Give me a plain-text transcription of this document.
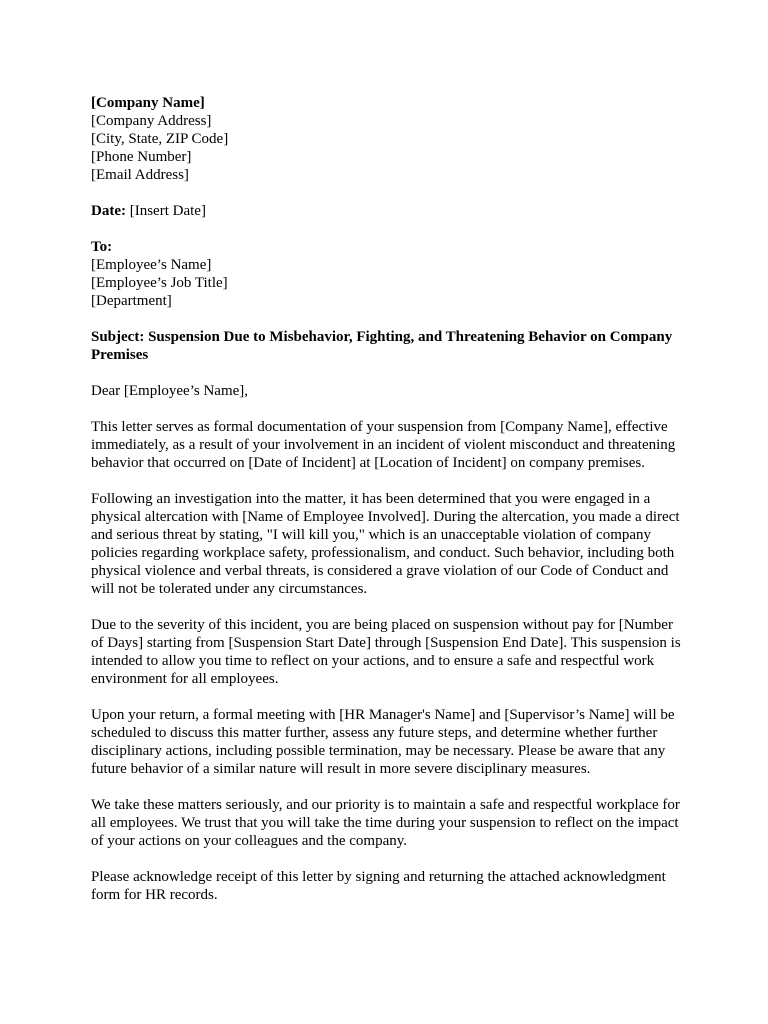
[Company Name]
[Company Address]
[City, State, ZIP Code]
[Phone Number]
[Email Address]
Date: [Insert Date]
To:
[Employee’s Name]
[Employee’s Job Title]
[Department]
Subject: Suspension Due to Misbehavior, Fighting, and Threatening Behavior on Company Premises

Dear [Employee’s Name],

This letter serves as formal documentation of your suspension from [Company Name], effective immediately, as a result of your involvement in an incident of violent misconduct and threatening behavior that occurred on [Date of Incident] at [Location of Incident] on company premises.

Following an investigation into the matter, it has been determined that you were engaged in a physical altercation with [Name of Employee Involved]. During the altercation, you made a direct and serious threat by stating, "I will kill you," which is an unacceptable violation of company policies regarding workplace safety, professionalism, and conduct. Such behavior, including both physical violence and verbal threats, is considered a grave violation of our Code of Conduct and will not be tolerated under any circumstances.

Due to the severity of this incident, you are being placed on suspension without pay for [Number of Days] starting from [Suspension Start Date] through [Suspension End Date]. This suspension is intended to allow you time to reflect on your actions, and to ensure a safe and respectful work environment for all employees.

Upon your return, a formal meeting with [HR Manager's Name] and [Supervisor’s Name] will be scheduled to discuss this matter further, assess any future steps, and determine whether further disciplinary actions, including possible termination, may be necessary. Please be aware that any future behavior of a similar nature will result in more severe disciplinary measures.

We take these matters seriously, and our priority is to maintain a safe and respectful workplace for all employees. We trust that you will take the time during your suspension to reflect on the impact of your actions on your colleagues and the company.

Please acknowledge receipt of this letter by signing and returning the attached acknowledgment form for HR records.
